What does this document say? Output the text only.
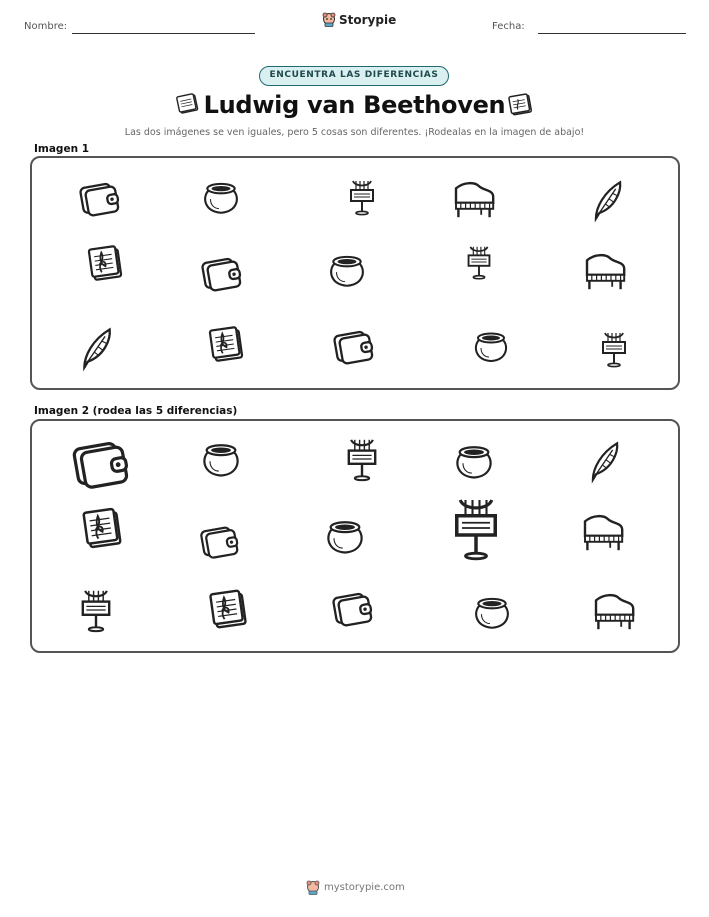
Nombre:	Storypie	Fecha:
ENCUENTRA LAS DIFERENCIAS
Ludwig van Beethoven
Las dos imágenes se ven iguales, pero 5 cosas son diferentes. ¡Rodealas en la imagen de abajo!
Imagen 1
Imagen 2 (rodea las 5 diferencias)
mystorypie.com
